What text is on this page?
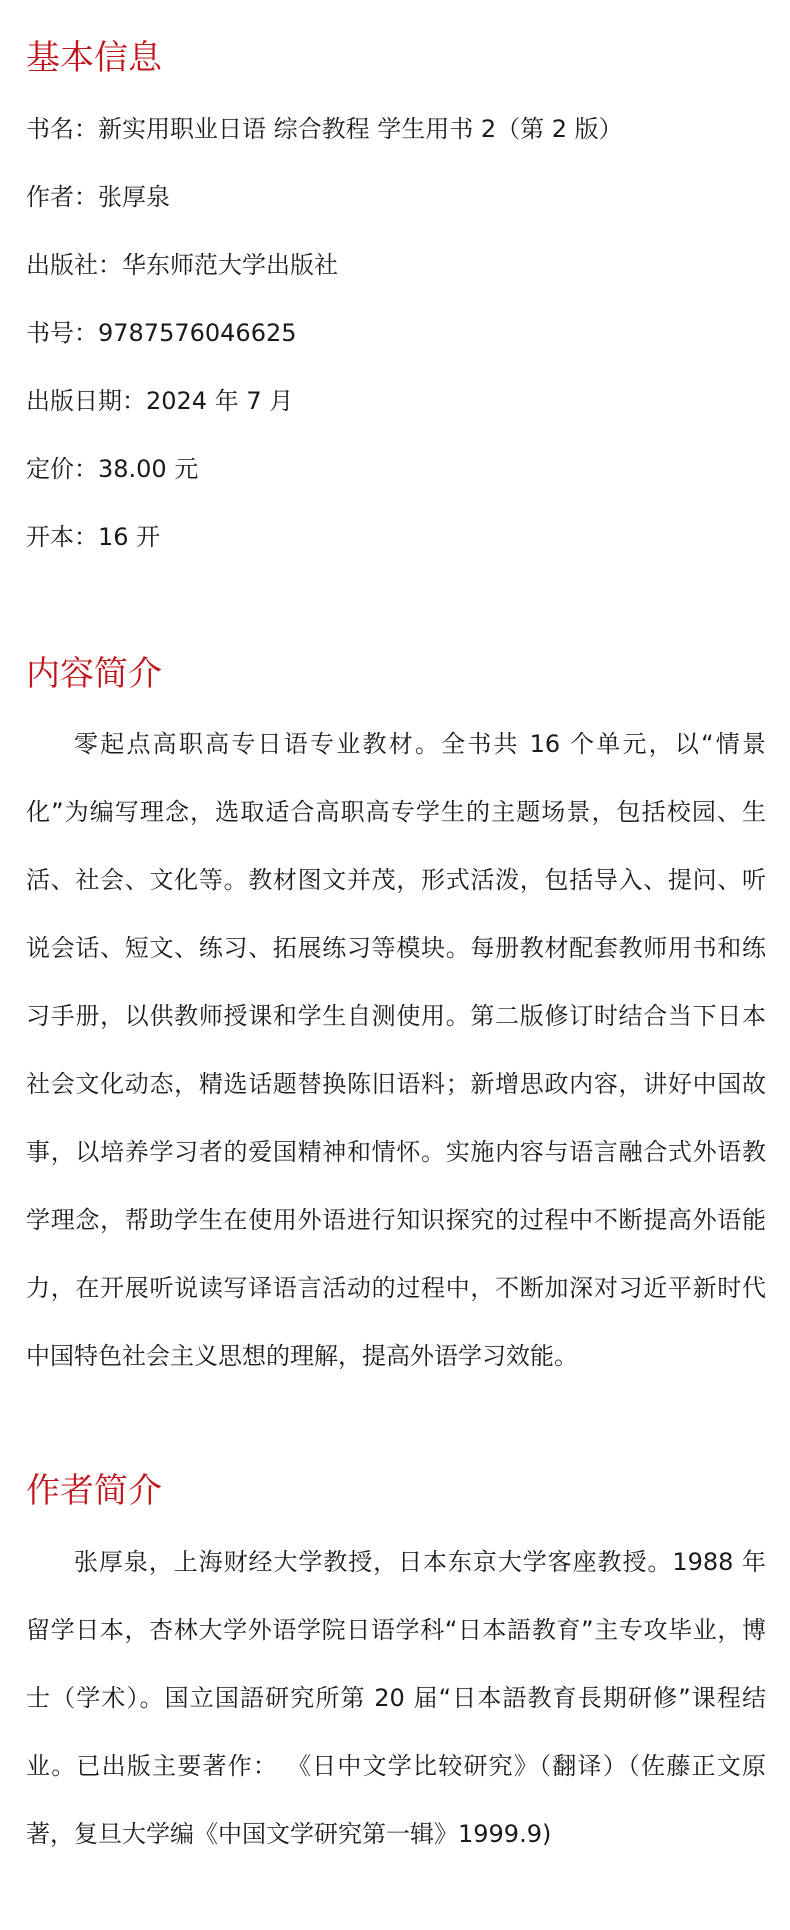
基本信息

书名：新实用职业日语 综合教程 学生用书 2（第 2 版）

作者：张厚泉

出版社：华东师范大学出版社

书号：9787576046625

出版日期：2024 年 7 月

定价：38.00 元

开本：16 开

内容简介

零起点高职高专日语专业教材。全书共 16 个单元，以“情景化”为编写理念，选取适合高职高专学生的主题场景，包括校园、生活、社会、文化等。教材图文并茂，形式活泼，包括导入、提问、听说会话、短文、练习、拓展练习等模块。每册教材配套教师用书和练习手册，以供教师授课和学生自测使用。第二版修订时结合当下日本社会文化动态，精选话题替换陈旧语料；新增思政内容，讲好中国故事，以培养学习者的爱国精神和情怀。实施内容与语言融合式外语教学理念，帮助学生在使用外语进行知识探究的过程中不断提高外语能力，在开展听说读写译语言活动的过程中，不断加深对习近平新时代中国特色社会主义思想的理解，提高外语学习效能。

作者简介

张厚泉，上海财经大学教授，日本东京大学客座教授。1988 年留学日本，杏林大学外语学院日语学科“日本語教育”主专攻毕业，博士（学术）。国立国語研究所第 20 届“日本語教育長期研修”课程结业。已出版主要著作： 《日中文学比较研究》（翻译）（佐藤正文原著，复旦大学编《中国文学研究第一辑》1999.9)
